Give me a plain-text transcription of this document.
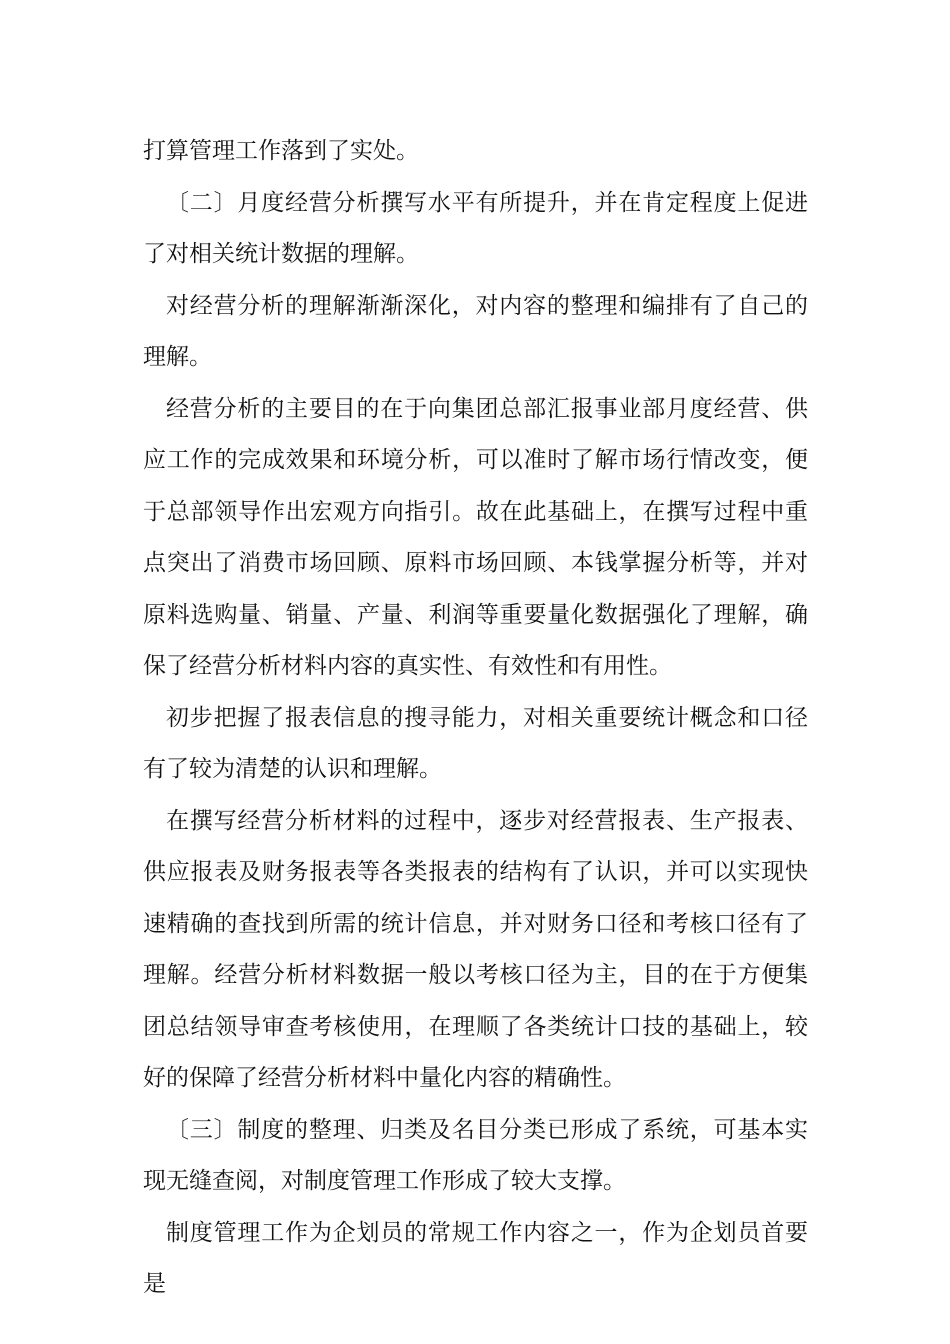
打算管理工作落到了实处。

〔二〕月度经营分析撰写水平有所提升，并在肯定程度上促进了对相关统计数据的理解。

对经营分析的理解渐渐深化，对内容的整理和编排有了自己的理解。

经营分析的主要目的在于向集团总部汇报事业部月度经营、供应工作的完成效果和环境分析，可以准时了解市场行情改变，便于总部领导作出宏观方向指引。故在此基础上，在撰写过程中重点突出了消费市场回顾、原料市场回顾、本钱掌握分析等，并对原料选购量、销量、产量、利润等重要量化数据强化了理解，确保了经营分析材料内容的真实性、有效性和有用性。

初步把握了报表信息的搜寻能力，对相关重要统计概念和口径有了较为清楚的认识和理解。

在撰写经营分析材料的过程中，逐步对经营报表、生产报表、供应报表及财务报表等各类报表的结构有了认识，并可以实现快速精确的查找到所需的统计信息，并对财务口径和考核口径有了理解。经营分析材料数据一般以考核口径为主，目的在于方便集团总结领导审查考核使用，在理顺了各类统计口技的基础上，较好的保障了经营分析材料中量化内容的精确性。

〔三〕制度的整理、归类及名目分类已形成了系统，可基本实现无缝查阅，对制度管理工作形成了较大支撑。

制度管理工作为企划员的常规工作内容之一，作为企划员首要是
